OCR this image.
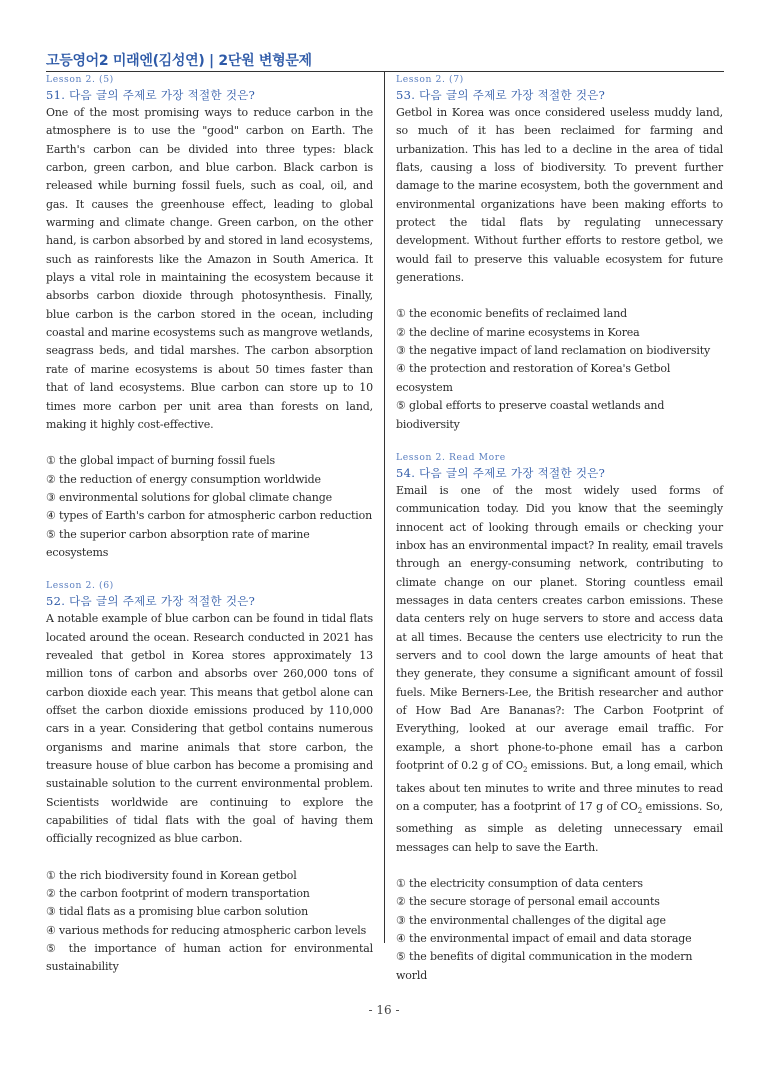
고등영어2 미래엔(김성연) | 2단원 변형문제
Lesson 2. (5)
51. 다음 글의 주제로 가장 적절한 것은?

One of the most promising ways to reduce carbon in the atmosphere is to use the "good" carbon on Earth. The Earth's carbon can be divided into three types: black carbon, green carbon, and blue carbon. Black carbon is released while burning fossil fuels, such as coal, oil, and gas. It causes the greenhouse effect, leading to global warming and climate change. Green carbon, on the other hand, is carbon absorbed by and stored in land ecosystems, such as rainforests like the Amazon in South America. It plays a vital role in maintaining the ecosystem because it absorbs carbon dioxide through photosynthesis. Finally, blue carbon is the carbon stored in the ocean, including coastal and marine ecosystems such as mangrove wetlands, seagrass beds, and tidal marshes. The carbon absorption rate of marine ecosystems is about 50 times faster than that of land ecosystems. Blue carbon can store up to 10 times more carbon per unit area than forests on land, making it highly cost-effective.

① the global impact of burning fossil fuels
② the reduction of energy consumption worldwide
③ environmental solutions for global climate change
④ types of Earth's carbon for atmospheric carbon reduction
⑤ the superior carbon absorption rate of marine ecosystems
Lesson 2. (6)
52. 다음 글의 주제로 가장 적절한 것은?

A notable example of blue carbon can be found in tidal flats located around the ocean. Research conducted in 2021 has revealed that getbol in Korea stores approximately 13 million tons of carbon and absorbs over 260,000 tons of carbon dioxide each year. This means that getbol alone can offset the carbon dioxide emissions produced by 110,000 cars in a year. Considering that getbol contains numerous organisms and marine animals that store carbon, the treasure house of blue carbon has become a promising and sustainable solution to the current environmental problem. Scientists worldwide are continuing to explore the capabilities of tidal flats with the goal of having them officially recognized as blue carbon.

① the rich biodiversity found in Korean getbol
② the carbon footprint of modern transportation
③ tidal flats as a promising blue carbon solution
④ various methods for reducing atmospheric carbon levels
⑤ the importance of human action for environmental sustainability
Lesson 2. (7)
53. 다음 글의 주제로 가장 적절한 것은?

Getbol in Korea was once considered useless muddy land, so much of it has been reclaimed for farming and urbanization. This has led to a decline in the area of tidal flats, causing a loss of biodiversity. To prevent further damage to the marine ecosystem, both the government and environmental organizations have been making efforts to protect the tidal flats by regulating unnecessary development. Without further efforts to restore getbol, we would fail to preserve this valuable ecosystem for future generations.

① the economic benefits of reclaimed land
② the decline of marine ecosystems in Korea
③ the negative impact of land reclamation on biodiversity
④ the protection and restoration of Korea's Getbol ecosystem
⑤ global efforts to preserve coastal wetlands and biodiversity
Lesson 2. Read More
54. 다음 글의 주제로 가장 적절한 것은?

Email is one of the most widely used forms of communication today. Did you know that the seemingly innocent act of looking through emails or checking your inbox has an environmental impact? In reality, email travels through an energy-consuming network, contributing to climate change on our planet. Storing countless email messages in data centers creates carbon emissions. These data centers rely on huge servers to store and access data at all times. Because the centers use electricity to run the servers and to cool down the large amounts of heat that they generate, they consume a significant amount of fossil fuels. Mike Berners-Lee, the British researcher and author of How Bad Are Bananas?: The Carbon Footprint of Everything, looked at our average email traffic. For example, a short phone-to-phone email has a carbon footprint of 0.2 g of $CO_2$ emissions. But, a long email, which takes about ten minutes to write and three minutes to read on a computer, has a footprint of 17 g of $CO_2$ emissions. So, something as simple as deleting unnecessary email messages can help to save the Earth.

① the electricity consumption of data centers
② the secure storage of personal email accounts
③ the environmental challenges of the digital age
④ the environmental impact of email and data storage
⑤ the benefits of digital communication in the modern world
- 16 -
